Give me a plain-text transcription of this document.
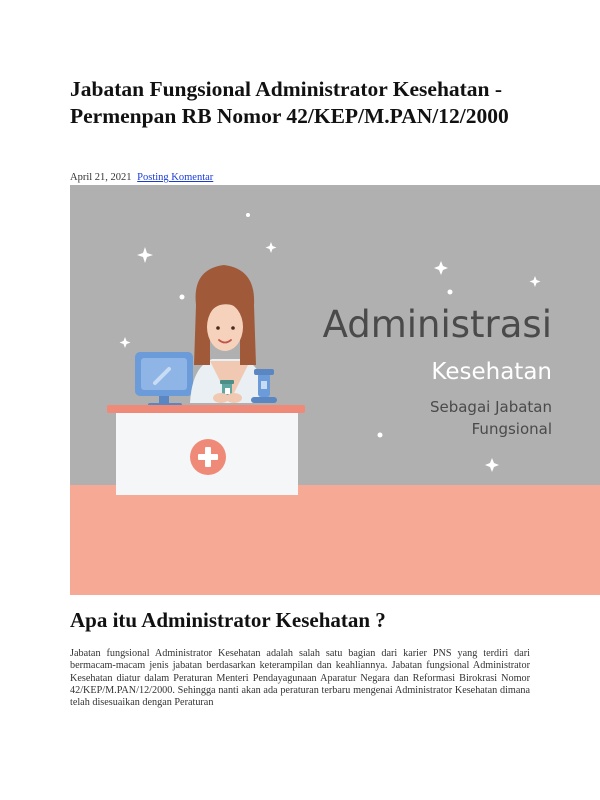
Jabatan Fungsional Administrator Kesehatan - Permenpan RB Nomor 42/KEP/M.PAN/12/2000
April 21, 2021 Posting Komentar
Administrasi
Kesehatan
Sebagai Jabatan
Fungsional
Apa itu Administrator Kesehatan ?

Jabatan fungsional Administrator Kesehatan adalah salah satu bagian dari karier PNS yang terdiri dari bermacam-macam jenis jabatan berdasarkan keterampilan dan keahliannya. Jabatan fungsional Administrator Kesehatan diatur dalam Peraturan Menteri Pendayagunaan Aparatur Negara dan Reformasi Birokrasi Nomor 42/KEP/M.PAN/12/2000. Sehingga nanti akan ada peraturan terbaru mengenai Administrator Kesehatan dimana telah disesuaikan dengan Peraturan
